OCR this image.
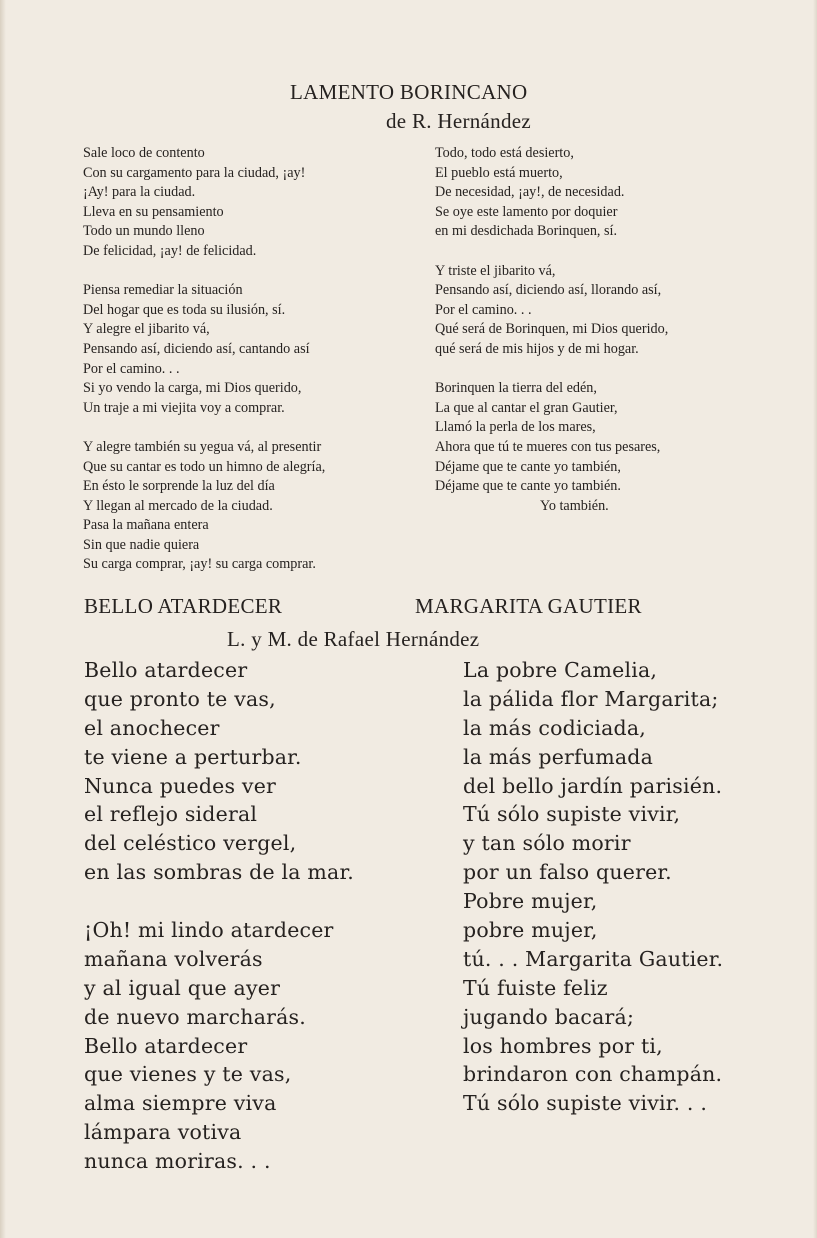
LAMENTO BORINCANO
de R. Hernández
Sale loco de contento
Con su cargamento para la ciudad, ¡ay!
¡Ay! para la ciudad.
Lleva en su pensamiento
Todo un mundo lleno
De felicidad, ¡ay! de felicidad.
Piensa remediar la situación
Del hogar que es toda su ilusión, sí.
Y alegre el jibarito vá,
Pensando así, diciendo así, cantando así
Por el camino. . .
Si yo vendo la carga, mi Dios querido,
Un traje a mi viejita voy a comprar.
Y alegre también su yegua vá, al presentir
Que su cantar es todo un himno de alegría,
En ésto le sorprende la luz del día
Y llegan al mercado de la ciudad.
Pasa la mañana entera
Sin que nadie quiera
Su carga comprar, ¡ay! su carga comprar.
Todo, todo está desierto,
El pueblo está muerto,
De necesidad, ¡ay!, de necesidad.
Se oye este lamento por doquier
en mi desdichada Borinquen, sí.
Y triste el jibarito vá,
Pensando así, diciendo así, llorando así,
Por el camino. . .
Qué será de Borinquen, mi Dios querido,
qué será de mis hijos y de mi hogar.
Borinquen la tierra del edén,
La que al cantar el gran Gautier,
Llamó la perla de los mares,
Ahora que tú te mueres con tus pesares,
Déjame que te cante yo también,
Déjame que te cante yo también.
Yo también.
BELLO ATARDECER	MARGARITA GAUTIER
L. y M. de Rafael Hernández
Bello atardecer
que pronto te vas,
el anochecer
te viene a perturbar.
Nunca puedes ver
el reflejo sideral
del celéstico vergel,
en las sombras de la mar.
¡Oh! mi lindo atardecer
mañana volverás
y al igual que ayer
de nuevo marcharás.
Bello atardecer
que vienes y te vas,
alma siempre viva
lámpara votiva
nunca moriras. . .
La pobre Camelia,
la pálida flor Margarita;
la más codiciada,
la más perfumada
del bello jardín parisién.
Tú sólo supiste vivir,
y tan sólo morir
por un falso querer.
Pobre mujer,
pobre mujer,
tú. . . Margarita Gautier.
Tú fuiste feliz
jugando bacará;
los hombres por ti,
brindaron con champán.
Tú sólo supiste vivir. . .
